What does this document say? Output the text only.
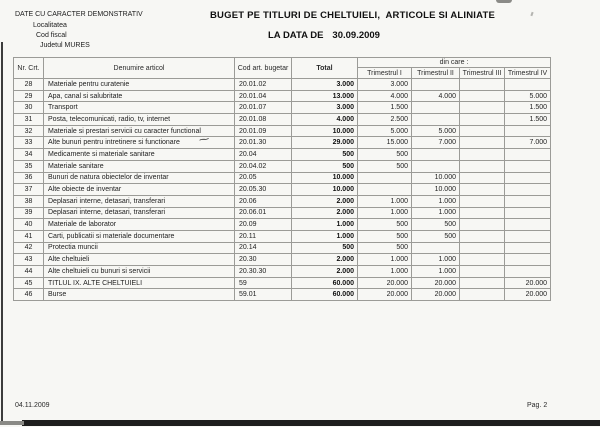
DATE CU CARACTER DEMONSTRATIV
Localitatea
Cod fiscal
Judetul MURES
BUGET PE TITLURI DE CHELTUIELI,  ARTICOLE SI ALINIATE
LA DATA DE 30.09.2009
Nr. Crt.	Denumire articol	Cod art. bugetar	Total	din care :			
				Trimestrul I	Trimestrul II	Trimestrul III	Trimestrul IV
28	Materiale pentru curatenie	20.01.02	3.000	3.000			
29	Apa, canal si salubritate	20.01.04	13.000	4.000	4.000		5.000
30	Transport	20.01.07	3.000	1.500			1.500
31	Posta, telecomunicati, radio, tv, internet	20.01.08	4.000	2.500			1.500
32	Materiale si prestari servicii cu caracter functional	20.01.09	10.000	5.000	5.000		
33	Alte bunuri pentru intretinere si functionare	20.01.30	29.000	15.000	7.000		7.000
34	Medicamente si materiale sanitare	20.04	500	500			
35	Materiale sanitare	20.04.02	500	500			
36	Bunuri de natura obiectelor de inventar	20.05	10.000		10.000		
37	Alte obiecte de inventar	20.05.30	10.000		10.000		
38	Deplasari interne, detasari, transferari	20.06	2.000	1.000	1.000		
39	Deplasari interne, detasari, transferari	20.06.01	2.000	1.000	1.000		
40	Materiale de laborator	20.09	1.000	500	500		
41	Carti, publicatii si materiale documentare	20.11	1.000	500	500		
42	Protectia muncii	20.14	500	500			
43	Alte cheltuieli	20.30	2.000	1.000	1.000		
44	Alte cheltuieli cu bunuri si servicii	20.30.30	2.000	1.000	1.000		
45	TITLUL IX. ALTE CHELTUIELI	59	60.000	20.000	20.000		20.000
46	Burse	59.01	60.000	20.000	20.000		20.000
~
04.11.2009	Pag. 2
